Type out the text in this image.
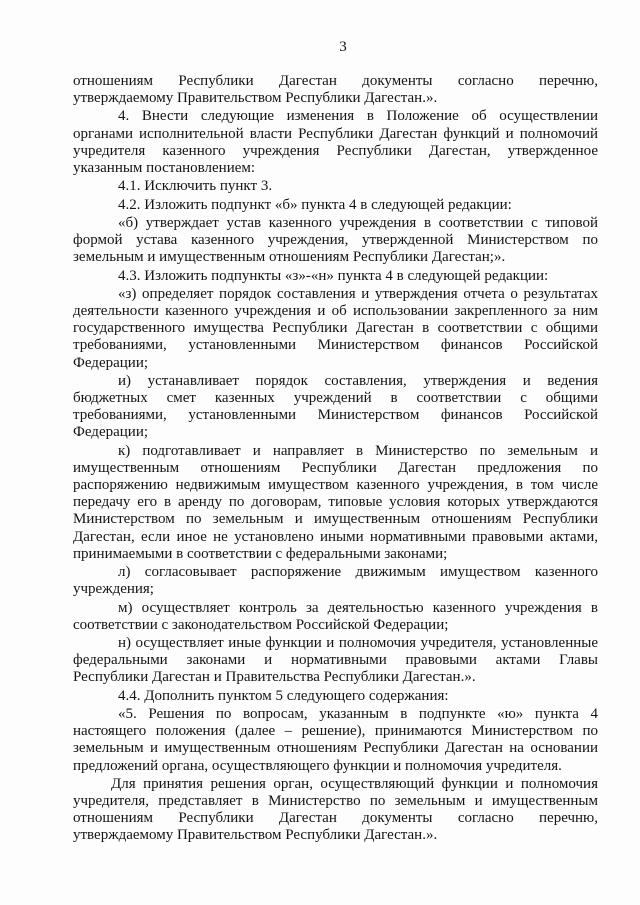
3
отношениям Республики Дагестан документы согласно перечню,
утверждаемому Правительством Республики Дагестан.».
4. Внести следующие изменения в Положение об осуществлении
органами исполнительной власти Республики Дагестан функций и полномочий
учредителя казенного учреждения Республики Дагестан, утвержденное
указанным постановлением:
4.1. Исключить пункт 3.
4.2. Изложить подпункт «б» пункта 4 в следующей редакции:
«б) утверждает устав казенного учреждения в соответствии с типовой
формой устава казенного учреждения, утвержденной Министерством по
земельным и имущественным отношениям Республики Дагестан;».
4.3. Изложить подпункты «з»-«н» пункта 4 в следующей редакции:
«з) определяет порядок составления и утверждения отчета о результатах
деятельности казенного учреждения и об использовании закрепленного за ним
государственного имущества Республики Дагестан в соответствии с общими
требованиями, установленными Министерством финансов Российской
Федерации;
и) устанавливает порядок составления, утверждения и ведения
бюджетных смет казенных учреждений в соответствии с общими
требованиями, установленными Министерством финансов Российской
Федерации;
к) подготавливает и направляет в Министерство по земельным и
имущественным отношениям Республики Дагестан предложения по
распоряжению недвижимым имуществом казенного учреждения, в том числе
передачу его в аренду по договорам, типовые условия которых утверждаются
Министерством по земельным и имущественным отношениям Республики
Дагестан, если иное не установлено иными нормативными правовыми актами,
принимаемыми в соответствии с федеральными законами;
л) согласовывает распоряжение движимым имуществом казенного
учреждения;
м) осуществляет контроль за деятельностью казенного учреждения в
соответствии с законодательством Российской Федерации;
н) осуществляет иные функции и полномочия учредителя, установленные
федеральными законами и нормативными правовыми актами Главы
Республики Дагестан и Правительства Республики Дагестан.».
4.4. Дополнить пунктом 5 следующего содержания:
«5. Решения по вопросам, указанным в подпункте «ю» пункта 4
настоящего положения (далее – решение), принимаются Министерством по
земельным и имущественным отношениям Республики Дагестан на основании
предложений органа, осуществляющего функции и полномочия учредителя.
Для принятия решения орган, осуществляющий функции и полномочия
учредителя, представляет в Министерство по земельным и имущественным
отношениям Республики Дагестан документы согласно перечню,
утверждаемому Правительством Республики Дагестан.».
